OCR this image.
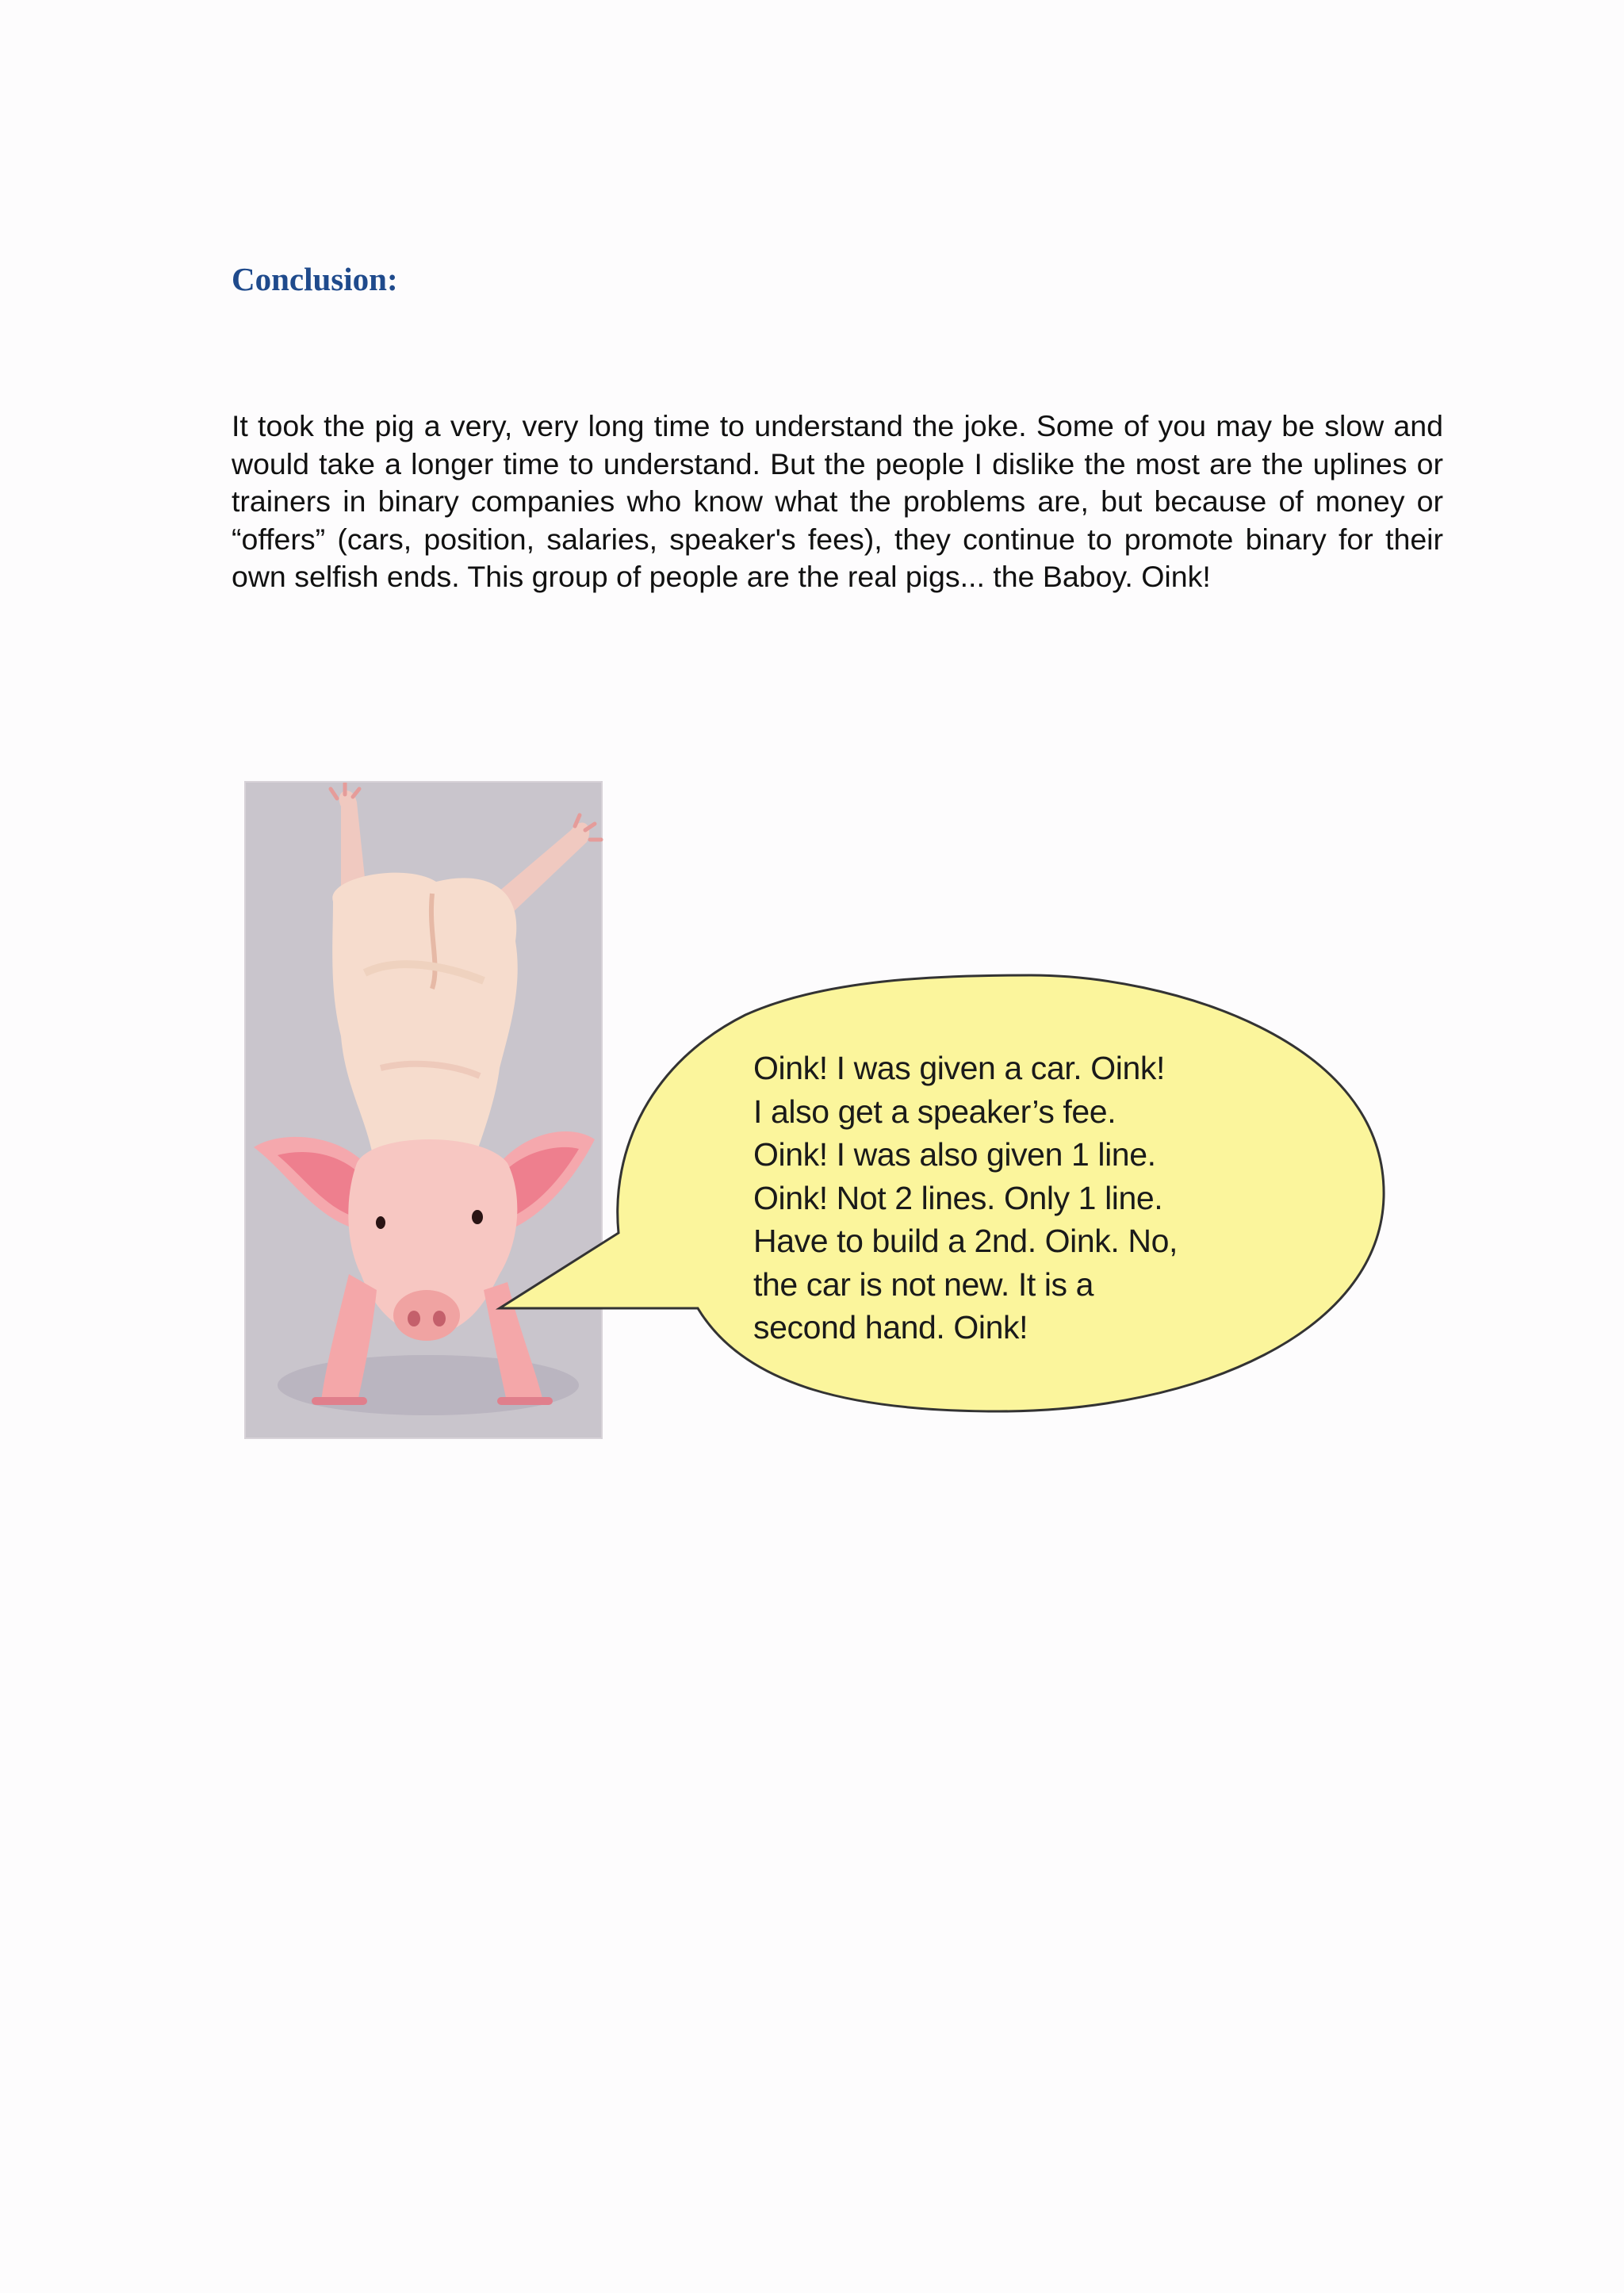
Conclusion:

It took the pig a very, very long time to understand the joke. Some of you may be slow and would take a longer time to understand. But the people I dislike the most are the uplines or trainers in binary companies who know what the problems are, but because of money or “offers” (cars, position, salaries, speaker's fees), they continue to promote binary for their own selfish ends. This group of people are the real pigs... the Baboy. Oink!

Oink! I was given a car. Oink!
I also get a speaker’s fee.
Oink! I was also given 1 line.
Oink! Not 2 lines. Only 1 line.
Have to build a 2nd. Oink. No,
the car is not new. It is a
second hand. Oink!
